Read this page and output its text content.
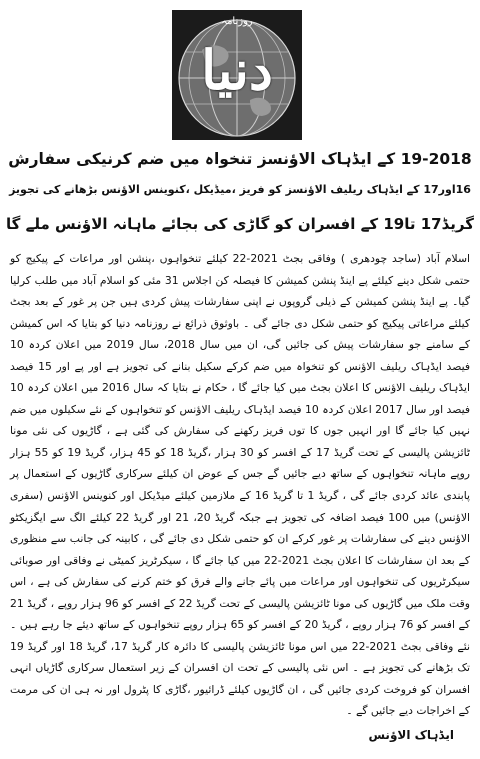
روزنامہ
دنیا
19-2018 کے ایڈہاک الاؤنسز تنخواہ میں ضم کرنیکی سفارش
16اور17 کے ایڈہاک ریلیف الاؤنسز کو فریز ،میڈیکل ،کنوینس الاؤنس بڑھانے کی تجویز
گریڈ17 تا19 کے افسران کو گاڑی کی بجائے ماہانہ الاؤنس ملے گا
اسلام آباد (ساجد چودھری ) وفاقی بجٹ 2021-22 کیلئے تنخواہوں ،پنشن اور مراعات کے پیکیج کو حتمی شکل دینے کیلئے پے اینڈ پنشن کمیشن کا فیصلہ کن اجلاس 31 مئی کو اسلام آباد میں طلب کرلیا گیا۔ پے اینڈ پنشن کمیشن کے ذیلی گروپوں نے اپنی سفارشات پیش کردی ہیں جن پر غور کے بعد بجٹ کیلئے مراعاتی پیکیج کو حتمی شکل دی جائے گی ۔ باوثوق ذرائع نے روزنامہ دنیا کو بتایا کہ اس کمیشن کے سامنے جو سفارشات پیش کی جائیں گی، ان میں سال 2018، سال 2019 میں اعلان کردہ 10 فیصد ایڈہاک ریلیف الاؤنس کو تنخواہ میں ضم کرکے سکیل بنانے کی تجویز ہے اور پے اور 15 فیصد ایڈہاک ریلیف الاؤنس کا اعلان بجٹ میں کیا جائے گا ، حکام نے بتایا کہ سال 2016 میں اعلان کردہ 10 فیصد اور سال 2017 اعلان کردہ 10 فیصد ایڈہاک ریلیف الاؤنس کو تنخواہوں کے نئے سکیلوں میں ضم نہیں کیا جائے گا اور انہیں جوں کا توں فریز رکھنے کی سفارش کی گئی ہے ، گاڑیوں کی نئی مونا ٹائزیشن پالیسی کے تحت گریڈ 17 کے افسر کو 30 ہزار ،گریڈ 18 کو 45 ہزار، گریڈ 19 کو 55 ہزار روپے ماہانہ تنخواہوں کے ساتھ دیے جائیں گے جس کے عوض ان کیلئے سرکاری گاڑیوں کے استعمال پر پابندی عائد کردی جائے گی ، گریڈ 1 تا گریڈ 16 کے ملازمین کیلئے میڈیکل اور کنوینس الاؤنس (سفری الاؤنس) میں 100 فیصد اضافہ کی تجویز ہے جبکہ گریڈ 20، 21 اور گریڈ 22 کیلئے الگ سے ایگزیکٹو الاؤنس دینے کی سفارشات پر غور کرکے ان کو حتمی شکل دی جائے گی ، کابینہ کی جانب سے منظوری کے بعد ان سفارشات کا اعلان بجٹ 2021-22 میں کیا جائے گا ، سیکرٹریز کمیٹی نے وفاقی اور صوبائی سیکرٹریوں کی تنخواہوں اور مراعات میں پائے جانے والے فرق کو ختم کرنے کی سفارش کی ہے ، اس وقت ملک میں گاڑیوں کی مونا ٹائزیشن پالیسی کے تحت گریڈ 22 کے افسر کو 96 ہزار روپے ، گریڈ 21 کے افسر کو 76 ہزار روپے ، گریڈ 20 کے افسر کو 65 ہزار روپے تنخواہوں کے ساتھ دیئے جا رہے ہیں ۔ نئے وفاقی بجٹ 2021-22 میں اس مونا ٹائزیشن پالیسی کا دائرہ کار گریڈ 17، گریڈ 18 اور گریڈ 19 تک بڑھانے کی تجویز ہے ۔ اس نئی پالیسی کے تحت ان افسران کے زیر استعمال سرکاری گاڑیاں انہی افسران کو فروخت کردی جائیں گی ، ان گاڑیوں کیلئے ڈرائیور ،گاڑی کا پٹرول اور نہ ہی ان کی مرمت کے اخراجات دیے جائیں گے ۔
ایڈہاک الاؤنس
